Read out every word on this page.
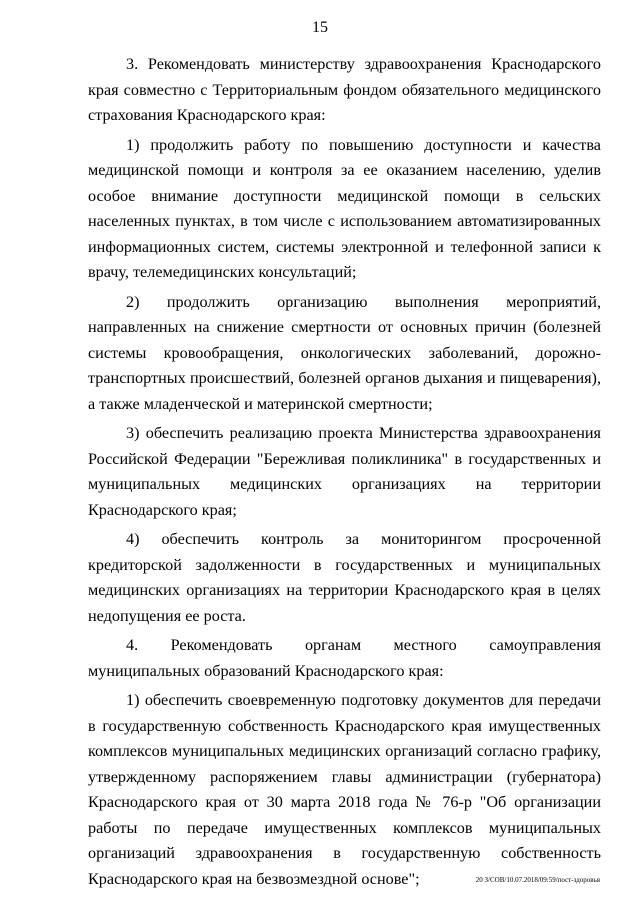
15

3. Рекомендовать министерству здравоохранения Краснодарского края совместно с Территориальным фондом обязательного медицинского страхования Краснодарского края:

1) продолжить работу по повышению доступности и качества медицинской помощи и контроля за ее оказанием населению, уделив особое внимание доступности медицинской помощи в сельских населенных пунктах, в том числе с использованием автоматизированных информационных систем, системы электронной и телефонной записи к врачу, телемедицинских консультаций;

2) продолжить организацию выполнения мероприятий, направленных на снижение смертности от основных причин (болезней системы кровообращения, онкологических заболеваний, дорожно-транспортных происшествий, болезней органов дыхания и пищеварения), а также младенческой и материнской смертности;

3) обеспечить реализацию проекта Министерства здравоохранения Российской Федерации "Бережливая поликлиника" в государственных и муниципальных медицинских организациях на территории Краснодарского края;

4) обеспечить контроль за мониторингом просроченной кредиторской задолженности в государственных и муниципальных медицинских организациях на территории Краснодарского края в целях недопущения ее роста.

4. Рекомендовать органам местного самоуправления муниципальных образований Краснодарского края:

1) обеспечить своевременную подготовку документов для передачи в государственную собственность Краснодарского края имущественных комплексов муниципальных медицинских организаций согласно графику, утвержденному распоряжением главы администрации (губернатора) Краснодарского края от 30 марта 2018 года № 76-р "Об организации работы по передаче имущественных комплексов муниципальных организаций здравоохранения в государственную собственность Краснодарского края на безвозмездной основе";	20 З/СОВ/10.07.2018/09:59/пост-здоровья
